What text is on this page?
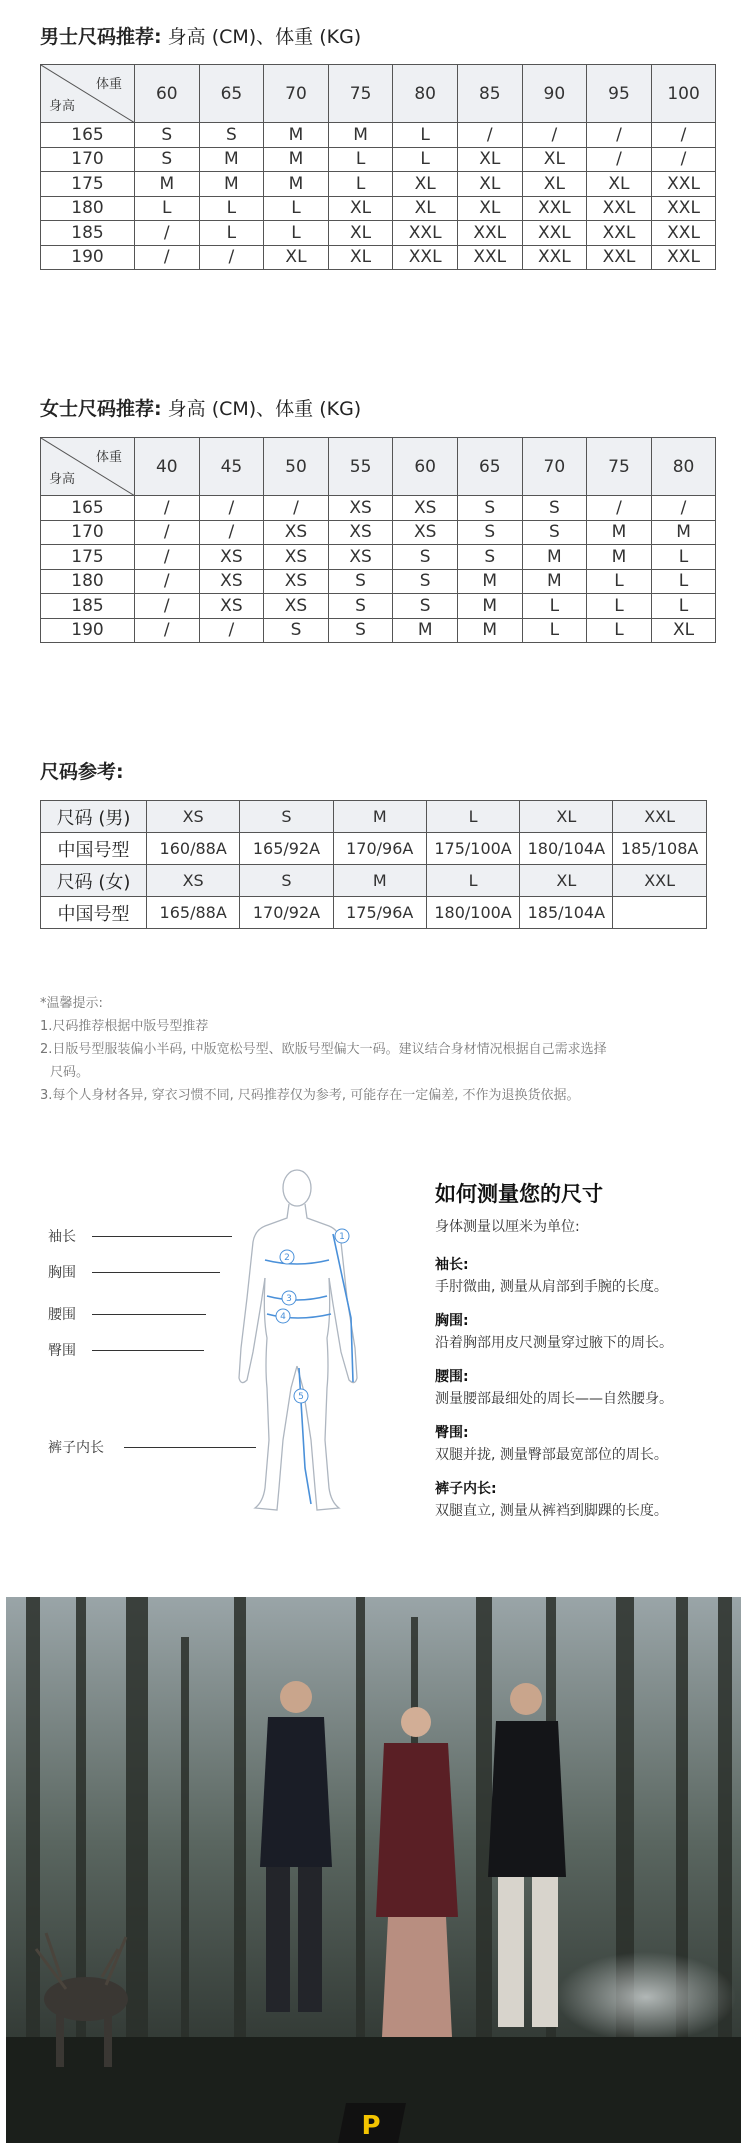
男士尺码推荐: 身高 (CM)、体重 (KG)
体重
身高	60	65	70	75	80	85	90	95	100
165	S	S	M	M	L	/	/	/	/
170	S	M	M	L	L	XL	XL	/	/
175	M	M	M	L	XL	XL	XL	XL	XXL
180	L	L	L	XL	XL	XL	XXL	XXL	XXL
185	/	L	L	XL	XXL	XXL	XXL	XXL	XXL
190	/	/	XL	XL	XXL	XXL	XXL	XXL	XXL
女士尺码推荐: 身高 (CM)、体重 (KG)
体重
身高	40	45	50	55	60	65	70	75	80
165	/	/	/	XS	XS	S	S	/	/
170	/	/	XS	XS	XS	S	S	M	M
175	/	XS	XS	XS	S	S	M	M	L
180	/	XS	XS	S	S	M	M	L	L
185	/	XS	XS	S	S	M	L	L	L
190	/	/	S	S	M	M	L	L	XL
尺码参考:
尺码 (男)	XS	S	M	L	XL	XXL
中国号型	160/88A	165/92A	170/96A	175/100A	180/104A	185/108A
尺码 (女)	XS	S	M	L	XL	XXL
中国号型	165/88A	170/92A	175/96A	180/100A	185/104A	
*温馨提示:
1.尺码推荐根据中版号型推荐
2.日版号型服装偏小半码, 中版宽松号型、欧版号型偏大一码。建议结合身材情况根据自己需求选择
尺码。
3.每个人身材各异, 穿衣习惯不同, 尺码推荐仅为参考, 可能存在一定偏差, 不作为退换货依据。
袖长
胸围
腰围
臀围
裤子内长
1
2
3
4
5
如何测量您的尺寸
身体测量以厘米为单位:
袖长:
手肘微曲, 测量从肩部到手腕的长度。
胸围:
沿着胸部用皮尺测量穿过腋下的周长。
腰围:
测量腰部最细处的周长——自然腰身。
臀围:
双腿并拢, 测量臀部最宽部位的周长。
裤子内长:
双腿直立, 测量从裤裆到脚踝的长度。
P
